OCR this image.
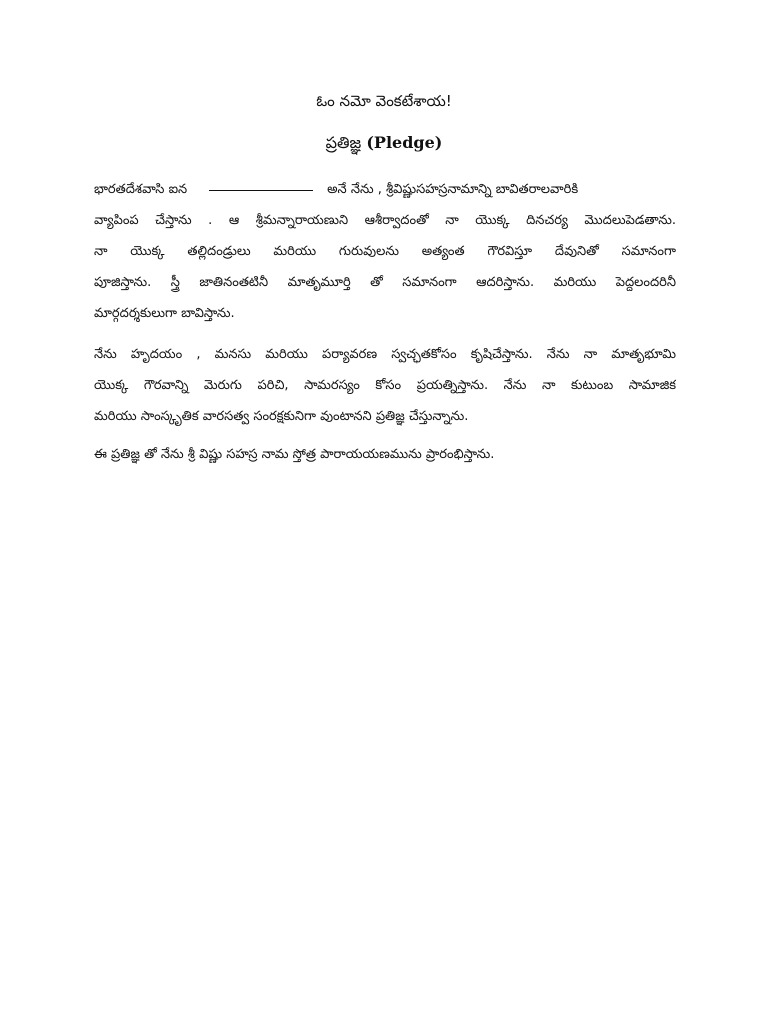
ఓం నమో వెంకటేశాయ!
ప్రతిజ్ఞ (Pledge)
భారతదేశవాసి ఐన	అనే నేను , శ్రీవిష్ణుసహస్రనామాన్ని బావితరాలవారికి
వ్యాపింప చేస్తాను . ఆ శ్రీమన్నారాయణుని ఆశీర్వాదంతో నా యొక్క దినచర్య మొదలుపెడతాను.
నా యొక్క తల్లిదండ్రులు మరియు గురువులను అత్యంత గౌరవిస్తూ దేవునితో సమానంగా
పూజిస్తాను. స్త్రీ జాతినంతటినీ మాతృమూర్తి తో సమానంగా ఆదరిస్తాను. మరియు పెద్దలందరినీ
మార్గదర్శకులుగా బావిస్తాను.
నేను హృదయం , మనసు మరియు పర్యావరణ స్వచ్ఛతకోసం కృషిచేస్తాను. నేను నా మాతృభూమి
యొక్క గౌరవాన్ని మెరుగు పరిచి, సామరస్యం కోసం ప్రయత్నిస్తాను. నేను నా కుటుంబ సామాజిక
మరియు సాంస్కృతిక వారసత్వ సంరక్షకునిగా వుంటానని ప్రతిజ్ఞ చేస్తున్నాను.
ఈ ప్రతిజ్ఞ తో నేను శ్రీ విష్ణు సహస్ర నామ స్తోత్ర పారాయయణమును ప్రారంభిస్తాను.
